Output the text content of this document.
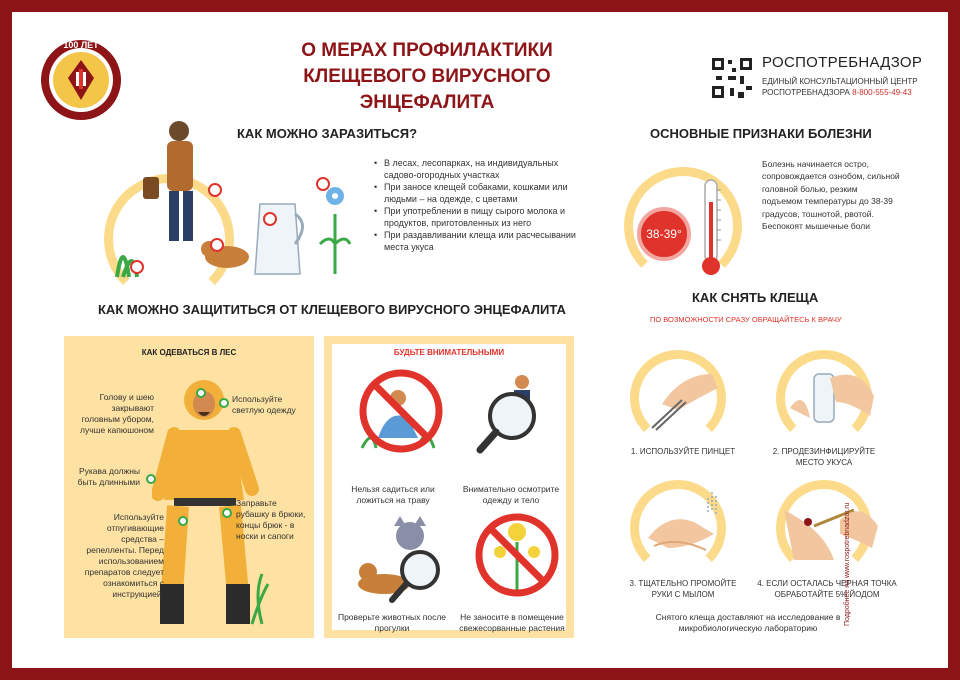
100 ЛЕТ	О МЕРАХ ПРОФИЛАКТИКИ
КЛЕЩЕВОГО ВИРУСНОГО ЭНЦЕФАЛИТА
РОСПОТРЕБНАДЗОР
ЕДИНЫЙ КОНСУЛЬТАЦИОННЫЙ ЦЕНТР
РОСПОТРЕБНАДЗОРА 8-800-555-49-43
КАК МОЖНО ЗАРАЗИТЬСЯ?
• В лесах, лесопарках, на индивидуальных садово-огородных участках
• При заносе клещей собаками, кошками или людьми – на одежде, с цветами
• При употреблении в пищу сырого молока и продуктов, приготовленных из него
• При раздавливании клеща или расчесывании места укуса
ОСНОВНЫЕ ПРИЗНАКИ БОЛЕЗНИ
38-39°
Болезнь начинается остро, сопровождается ознобом, сильной головной болью, резким подъемом температуры до 38-39 градусов, тошнотой, рвотой. Беспокоят мышечные боли
КАК МОЖНО ЗАЩИТИТЬСЯ ОТ КЛЕЩЕВОГО ВИРУСНОГО ЭНЦЕФАЛИТА
КАК ОДЕВАТЬСЯ В ЛЕС
Голову и шею закрывают головным убором, лучше капюшоном
Используйте светлую одежду
Рукава должны быть длинными
Заправьте рубашку в брюки, концы брюк - в носки и сапоги
Используйте отпугивающие средства – репелленты. Перед использованием препаратов следует ознакомиться с инструкцией.
БУДЬТЕ ВНИМАТЕЛЬНЫМИ
Нельзя садиться или ложиться на траву
Внимательно осмотрите одежду и тело
Проверьте животных после прогулки
Не заносите в помещение свежесорванные растения
КАК СНЯТЬ КЛЕЩА
ПО ВОЗМОЖНОСТИ СРАЗУ ОБРАЩАЙТЕСЬ К ВРАЧУ
1. ИСПОЛЬЗУЙТЕ ПИНЦЕТ	2. ПРОДЕЗИНФИЦИРУЙТЕ МЕСТО УКУСА
3. ТЩАТЕЛЬНО ПРОМОЙТЕ РУКИ С МЫЛОМ
4. ЕСЛИ ОСТАЛАСЬ ЧЕРНАЯ ТОЧКА ОБРАБОТАЙТЕ 5% ЙОДОМ
Снятого клеща доставляют на исследование в микробиологическую лабораторию
Подробнее на www.rospotrebnadzor.ru
